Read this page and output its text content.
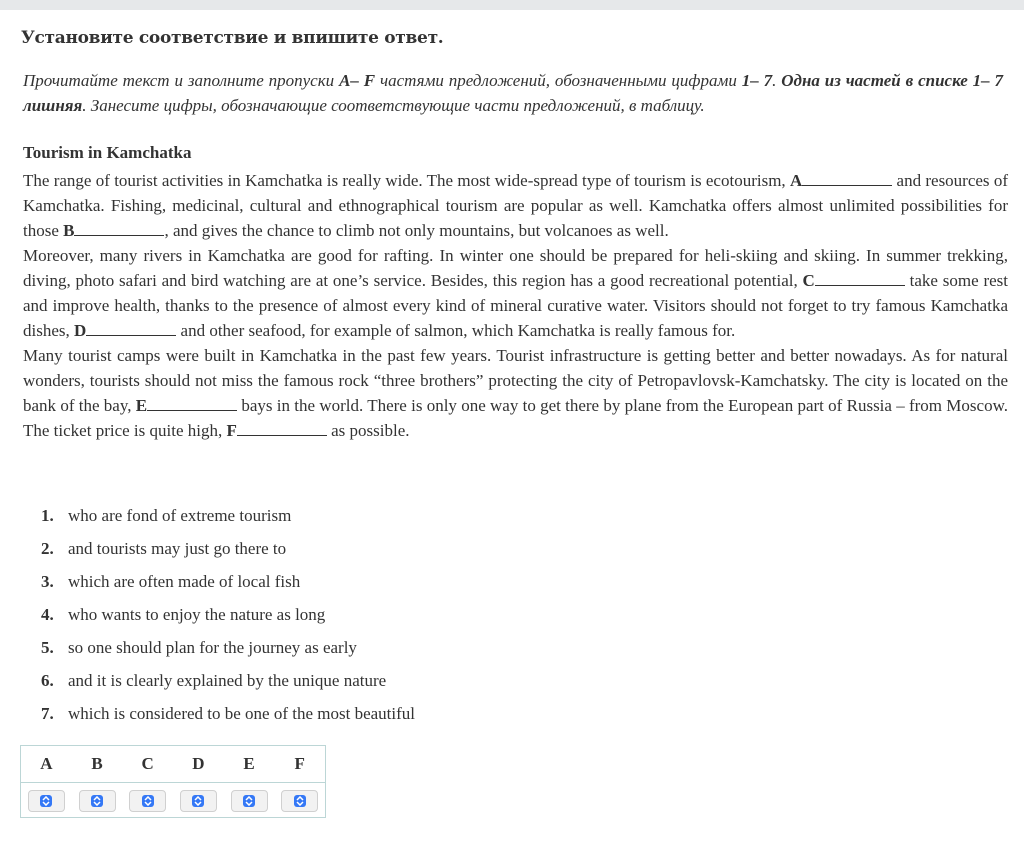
Установите соответствие и впишите ответ.
Прочитайте текст и заполните пропуски A– F частями предложений, обозначенными цифрами 1– 7. Одна из частей в списке 1– 7 лишняя. Занесите цифры, обозначающие соответствующие части предложений, в таблицу.
Tourism in Kamchatka

The range of tourist activities in Kamchatka is really wide. The most wide-spread type of tourism is ecotourism, A	and resources of Kamchatka. Fishing, medicinal, cultural and ethnographical tourism are popular as well. Kamchatka offers almost unlimited possibilities for those B	, and gives the chance to climb not only mountains, but volcanoes as well.

Moreover, many rivers in Kamchatka are good for rafting. In winter one should be prepared for heli-skiing and skiing. In summer trekking, diving, photo safari and bird watching are at one’s service. Besides, this region has a good recreational potential, C	take some rest and improve health, thanks to the presence of almost every kind of mineral curative water. Visitors should not forget to try famous Kamchatka dishes, D	and other seafood, for example of salmon, which Kamchatka is really famous for.

Many tourist camps were built in Kamchatka in the past few years. Tourist infrastructure is getting better and better nowadays. As for natural wonders, tourists should not miss the famous rock “three brothers” protecting the city of Petropavlovsk-Kamchatsky. The city is located on the bank of the bay, E	bays in the world. There is only one way to get there by plane from the European part of Russia – from Moscow. The ticket price is quite high, F	as possible.

1. who are fond of extreme tourism
2. and tourists may just go there to
3. which are often made of local fish
4. who wants to enjoy the nature as long
5. so one should plan for the journey as early
6. and it is clearly explained by the unique nature
7. which is considered to be one of the most beautiful
A	B	C	D	E	F
